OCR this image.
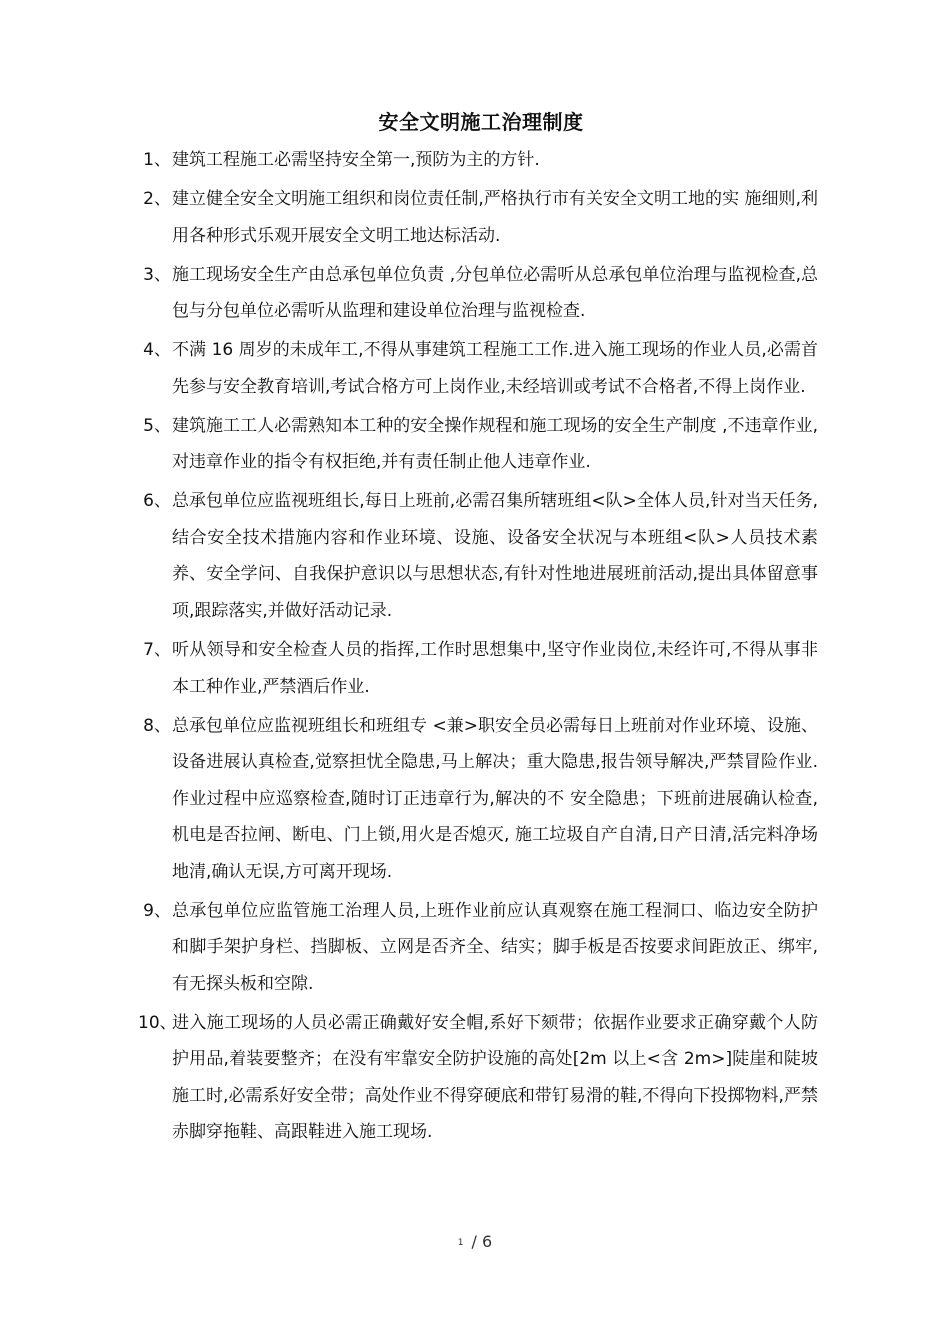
安全文明施工治理制度
1、 建筑工程施工必需坚持安全第一,预防为主的方针.
2、 建立健全安全文明施工组织和岗位责任制,严格执行市有关安全文明工地的实 施细则,利用各种形式乐观开展安全文明工地达标活动.
3、 施工现场安全生产由总承包单位负责 ,分包单位必需听从总承包单位治理与监视检查,总包与分包单位必需听从监理和建设单位治理与监视检查.
4、 不满 16 周岁的未成年工,不得从事建筑工程施工工作.进入施工现场的作业人员,必需首先参与安全教育培训,考试合格方可上岗作业,未经培训或考试不合格者,不得上岗作业.
5、 建筑施工工人必需熟知本工种的安全操作规程和施工现场的安全生产制度 ,不违章作业,对违章作业的指令有权拒绝,并有责任制止他人违章作业.
6、 总承包单位应监视班组长,每日上班前,必需召集所辖班组<队>全体人员,针对当天任务,结合安全技术措施内容和作业环境、设施、设备安全状况与本班组<队>人员技术素养、安全学问、自我保护意识以与思想状态,有针对性地进展班前活动,提出具体留意事项,跟踪落实,并做好活动记录.
7、 听从领导和安全检查人员的指挥,工作时思想集中,坚守作业岗位,未经许可,不得从事非本工种作业,严禁酒后作业.
8、 总承包单位应监视班组长和班组专 <兼>职安全员必需每日上班前对作业环境、设施、设备进展认真检查,觉察担忧全隐患,马上解决；重大隐患,报告领导解决,严禁冒险作业.作业过程中应巡察检查,随时订正违章行为,解决的不 安全隐患；下班前进展确认检查,机电是否拉闸、断电、门上锁,用火是否熄灭, 施工垃圾自产自清,日产日清,活完料净场地清,确认无误,方可离开现场.
9、 总承包单位应监管施工治理人员,上班作业前应认真观察在施工程洞口、临边安全防护和脚手架护身栏、挡脚板、立网是否齐全、结实；脚手板是否按要求间距放正、绑牢,有无探头板和空隙.
10、
进入施工现场的人员必需正确戴好安全帽,系好下颏带；依据作业要求正确穿戴个人防护用品,着装要整齐；在没有牢靠安全防护设施的高处[2m 以上<含 2m>]陡崖和陡坡施工时,必需系好安全带；高处作业不得穿硬底和带钉易滑的鞋,不得向下投掷物料,严禁赤脚穿拖鞋、高跟鞋进入施工现场.
1 / 6
